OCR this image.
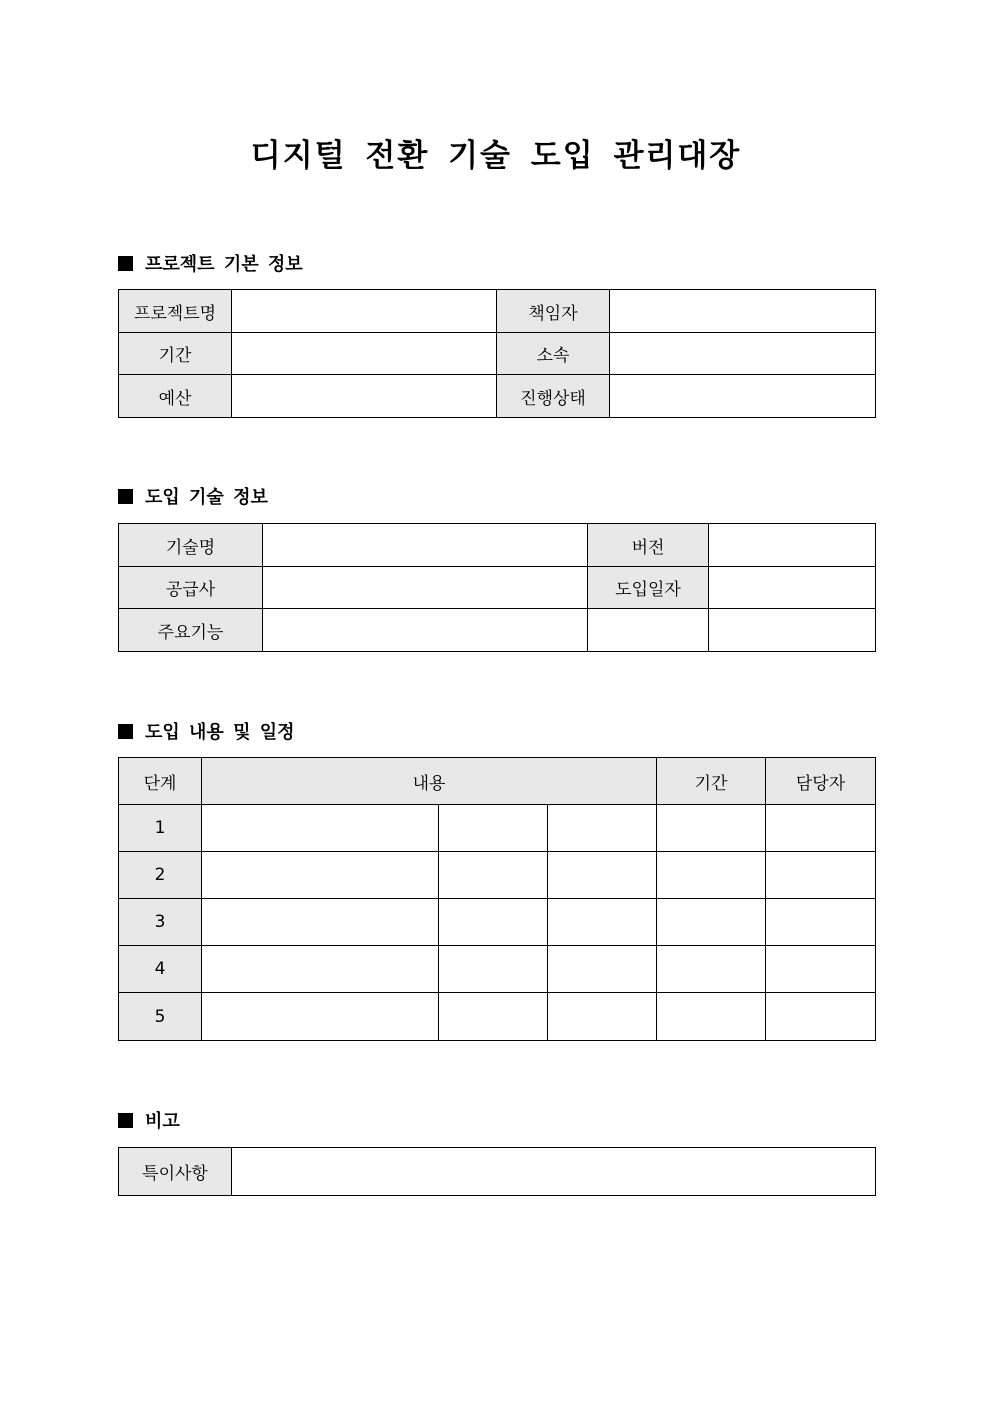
디지털 전환 기술 도입 관리대장
프로젝트 기본 정보
프로젝트명		책임자	
기간		소속	
예산		진행상태	
도입 기술 정보
기술명		버전	
공급사		도입일자	
주요기능			
도입 내용 및 일정
단계	내용			기간	담당자
1					
2					
3					
4					
5					
비고
특이사항	
